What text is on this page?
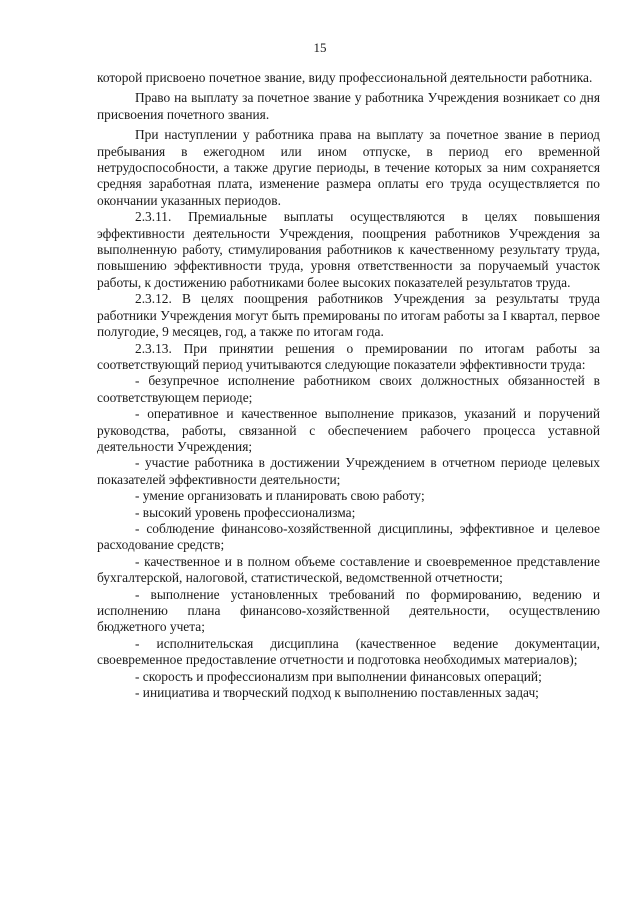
15

которой присвоено почетное звание, виду профессиональной деятельности работника.

Право на выплату за почетное звание у работника Учреждения возникает со дня присвоения почетного звания.

При наступлении у работника права на выплату за почетное звание в период пребывания в ежегодном или ином отпуске, в период его временной нетрудоспособности, а также другие периоды, в течение которых за ним сохраняется средняя заработная плата, изменение размера оплаты его труда осуществляется по окончании указанных периодов.

2.3.11. Премиальные выплаты осуществляются в целях повышения эффективности деятельности Учреждения, поощрения работников Учреждения за выполненную работу, стимулирования работников к качественному результату труда, повышению эффективности труда, уровня ответственности за поручаемый участок работы, к достижению работниками более высоких показателей результатов труда.

2.3.12. В целях поощрения работников Учреждения за результаты труда работники Учреждения могут быть премированы по итогам работы за I квартал, первое полугодие, 9 месяцев, год, а также по итогам года.

2.3.13. При принятии решения о премировании по итогам работы за соответствующий период учитываются следующие показатели эффективности труда:

- безупречное исполнение работником своих должностных обязанностей в соответствующем периоде;

- оперативное и качественное выполнение приказов, указаний и поручений руководства, работы, связанной с обеспечением рабочего процесса уставной деятельности Учреждения;

- участие работника в достижении Учреждением в отчетном периоде целевых показателей эффективности деятельности;

- умение организовать и планировать свою работу;

- высокий уровень профессионализма;

- соблюдение финансово-хозяйственной дисциплины, эффективное и целевое расходование средств;

- качественное и в полном объеме составление и своевременное представление бухгалтерской, налоговой, статистической, ведомственной отчетности;

- выполнение установленных требований по формированию, ведению и исполнению плана финансово-хозяйственной деятельности, осуществлению бюджетного учета;

- исполнительская дисциплина (качественное ведение документации, своевременное предоставление отчетности и подготовка необходимых материалов);

- скорость и профессионализм при выполнении финансовых операций;

- инициатива и творческий подход к выполнению поставленных задач;
